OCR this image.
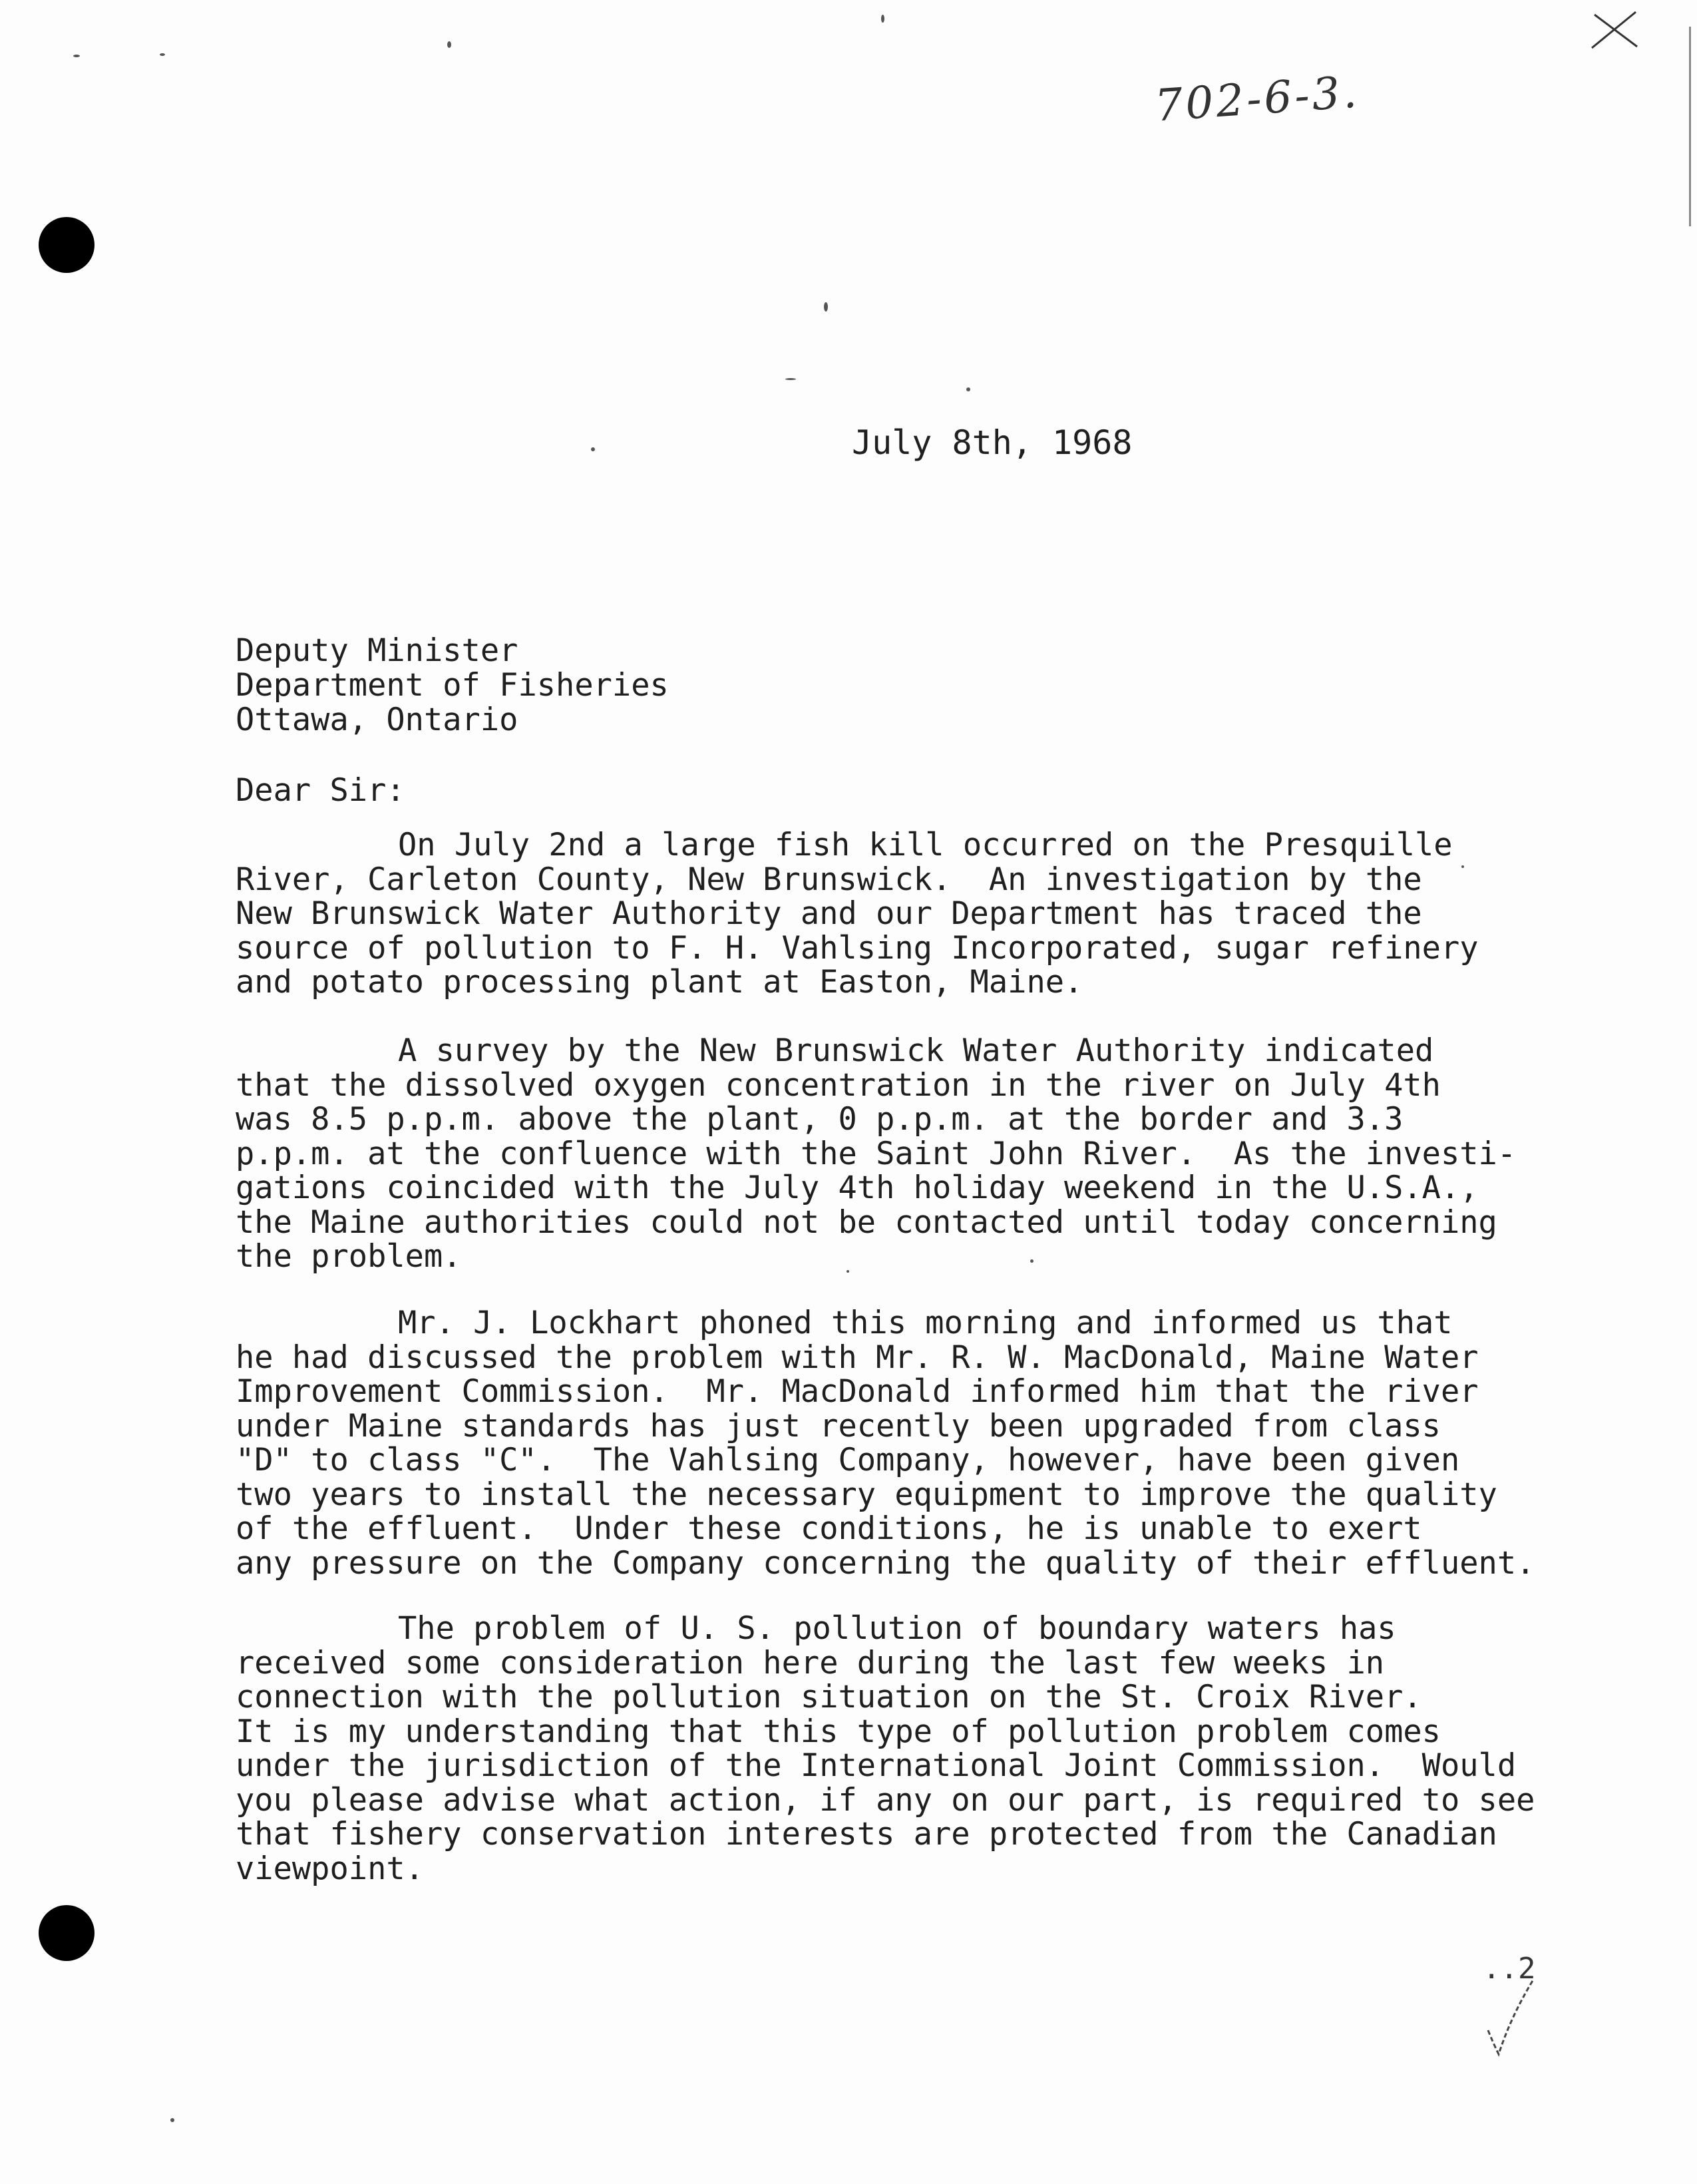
702-6-3.
July 8th, 1968
Deputy Minister
Department of Fisheries
Ottawa, Ontario
Dear Sir:
On July 2nd a large fish kill occurred on the Presquille
River, Carleton County, New Brunswick.  An investigation by the
New Brunswick Water Authority and our Department has traced the
source of pollution to F. H. Vahlsing Incorporated, sugar refinery
and potato processing plant at Easton, Maine.
A survey by the New Brunswick Water Authority indicated
that the dissolved oxygen concentration in the river on July 4th
was 8.5 p.p.m. above the plant, 0 p.p.m. at the border and 3.3
p.p.m. at the confluence with the Saint John River.  As the investi-
gations coincided with the July 4th holiday weekend in the U.S.A.,
the Maine authorities could not be contacted until today concerning
the problem.
Mr. J. Lockhart phoned this morning and informed us that
he had discussed the problem with Mr. R. W. MacDonald, Maine Water
Improvement Commission.  Mr. MacDonald informed him that the river
under Maine standards has just recently been upgraded from class
"D" to class "C".  The Vahlsing Company, however, have been given
two years to install the necessary equipment to improve the quality
of the effluent.  Under these conditions, he is unable to exert
any pressure on the Company concerning the quality of their effluent.
The problem of U. S. pollution of boundary waters has
received some consideration here during the last few weeks in
connection with the pollution situation on the St. Croix River.
It is my understanding that this type of pollution problem comes
under the jurisdiction of the International Joint Commission.  Would
you please advise what action, if any on our part, is required to see
that fishery conservation interests are protected from the Canadian
viewpoint.
..2
